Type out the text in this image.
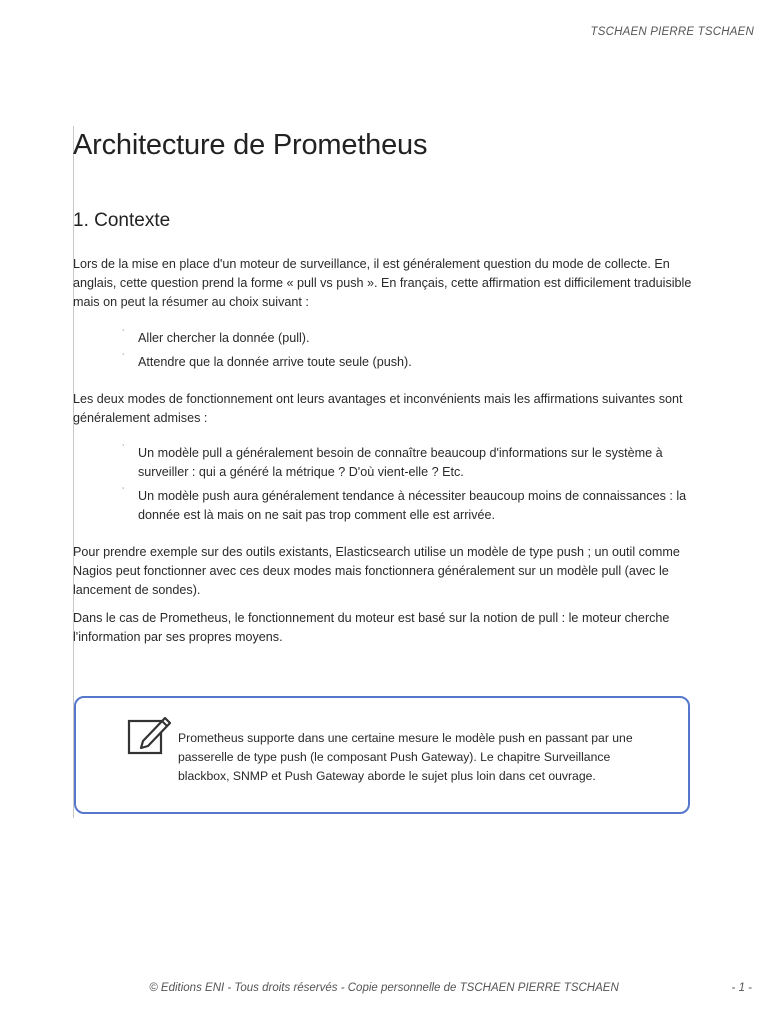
TSCHAEN PIERRE TSCHAEN
Architecture de Prometheus
1. Contexte

Lors de la mise en place d'un moteur de surveillance, il est généralement question du mode de collecte. En anglais, cette question prend la forme « pull vs push ». En français, cette affirmation est difficilement traduisible mais on peut la résumer au choix suivant :

˙ Aller chercher la donnée (pull).
˙ Attendre que la donnée arrive toute seule (push).

Les deux modes de fonctionnement ont leurs avantages et inconvénients mais les affirmations suivantes sont généralement admises :

˙ Un modèle pull a généralement besoin de connaître beaucoup d'informations sur le système à surveiller : qui a généré la métrique ? D'où vient-elle ? Etc.
˙ Un modèle push aura généralement tendance à nécessiter beaucoup moins de connaissances : la donnée est là mais on ne sait pas trop comment elle est arrivée.

Pour prendre exemple sur des outils existants, Elasticsearch utilise un modèle de type push ; un outil comme Nagios peut fonctionner avec ces deux modes mais fonctionnera généralement sur un modèle pull (avec le lancement de sondes).

Dans le cas de Prometheus, le fonctionnement du moteur est basé sur la notion de pull : le moteur cherche l'information par ses propres moyens.

Prometheus supporte dans une certaine mesure le modèle push en passant par une passerelle de type push (le composant Push Gateway). Le chapitre Surveillance blackbox, SNMP et Push Gateway aborde le sujet plus loin dans cet ouvrage.

© Editions ENI - Tous droits réservés - Copie personnelle de TSCHAEN PIERRE TSCHAEN	- 1 -
